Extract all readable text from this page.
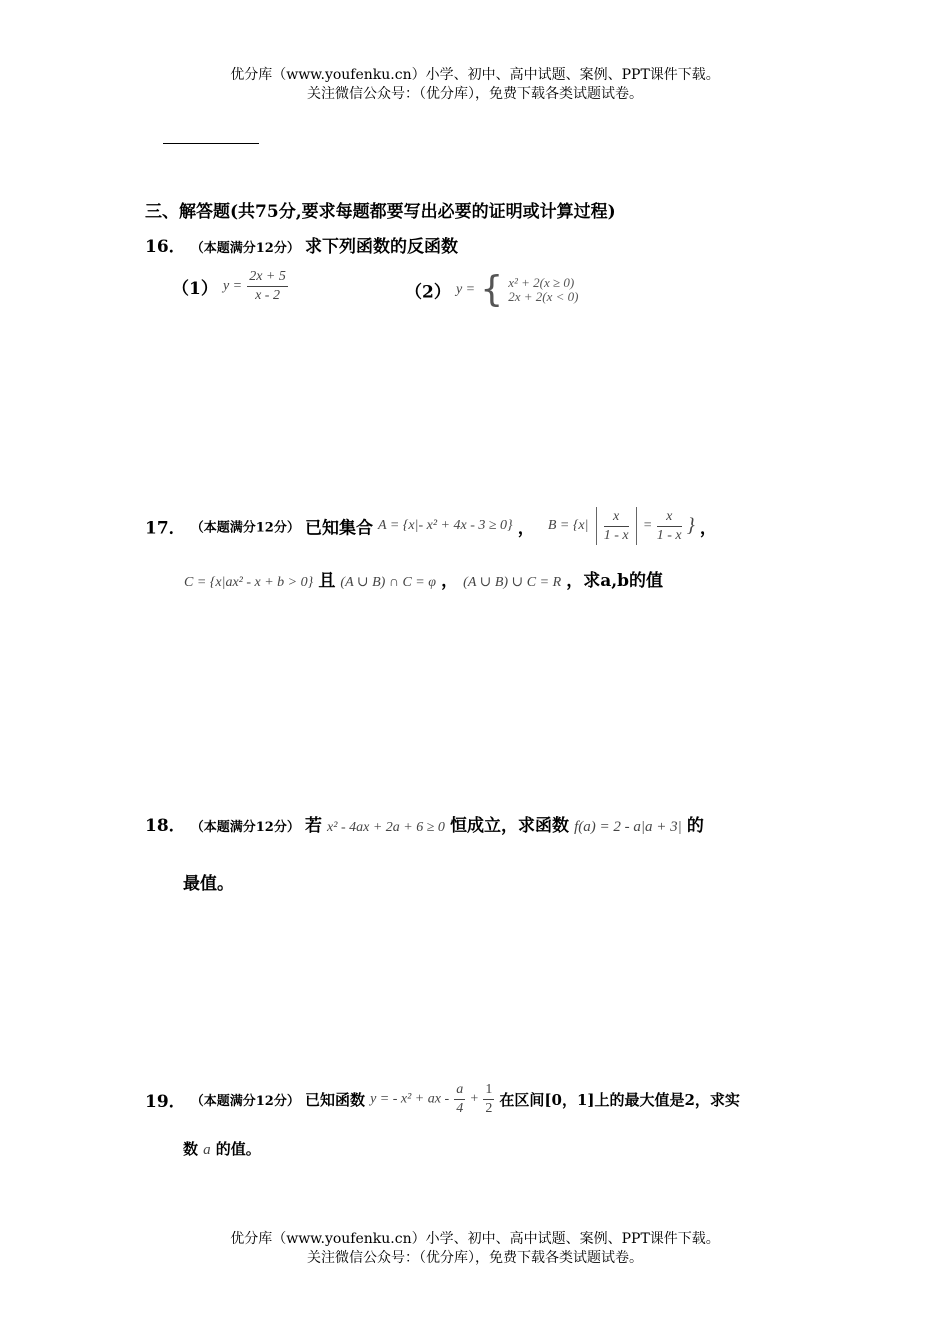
优分库（www.youfenku.cn）小学、初中、高中试题、案例、PPT课件下载。
关注微信公众号：（优分库），免费下载各类试题试卷。
三、解答题(共75分,要求每题都要写出必要的证明或计算过程)
16． （本题满分12分） 求下列函数的反函数
（1） $y = \frac{2x + 5}{x - 2}$	（2） y = { x² + 2(x ≥ 0)
2x + 2(x < 0)
17． （本题满分12分） 已知集合 A = {x|- x² + 4x - 3 ≥ 0} ， $B = \{x| \frac{x}{1 - x} = \frac{x}{1 - x}$ } ，
C = {x|ax² - x + b > 0} 且 (A ∪ B) ∩ C = φ ， (A ∪ B) ∪ C = R ，求a,b的值
18． （本题满分12分） 若 x² - 4ax + 2a + 6 ≥ 0 恒成立，求函数 f(a) = 2 - a|a + 3| 的
最值。
19． （本题满分12分） 已知函数 y = - x² + ax - $\frac{a}{4} + \frac{1}{2}$ 在区间[0，1]上的最大值是2，求实
数 a 的值。
优分库（www.youfenku.cn）小学、初中、高中试题、案例、PPT课件下载。
关注微信公众号：（优分库），免费下载各类试题试卷。
